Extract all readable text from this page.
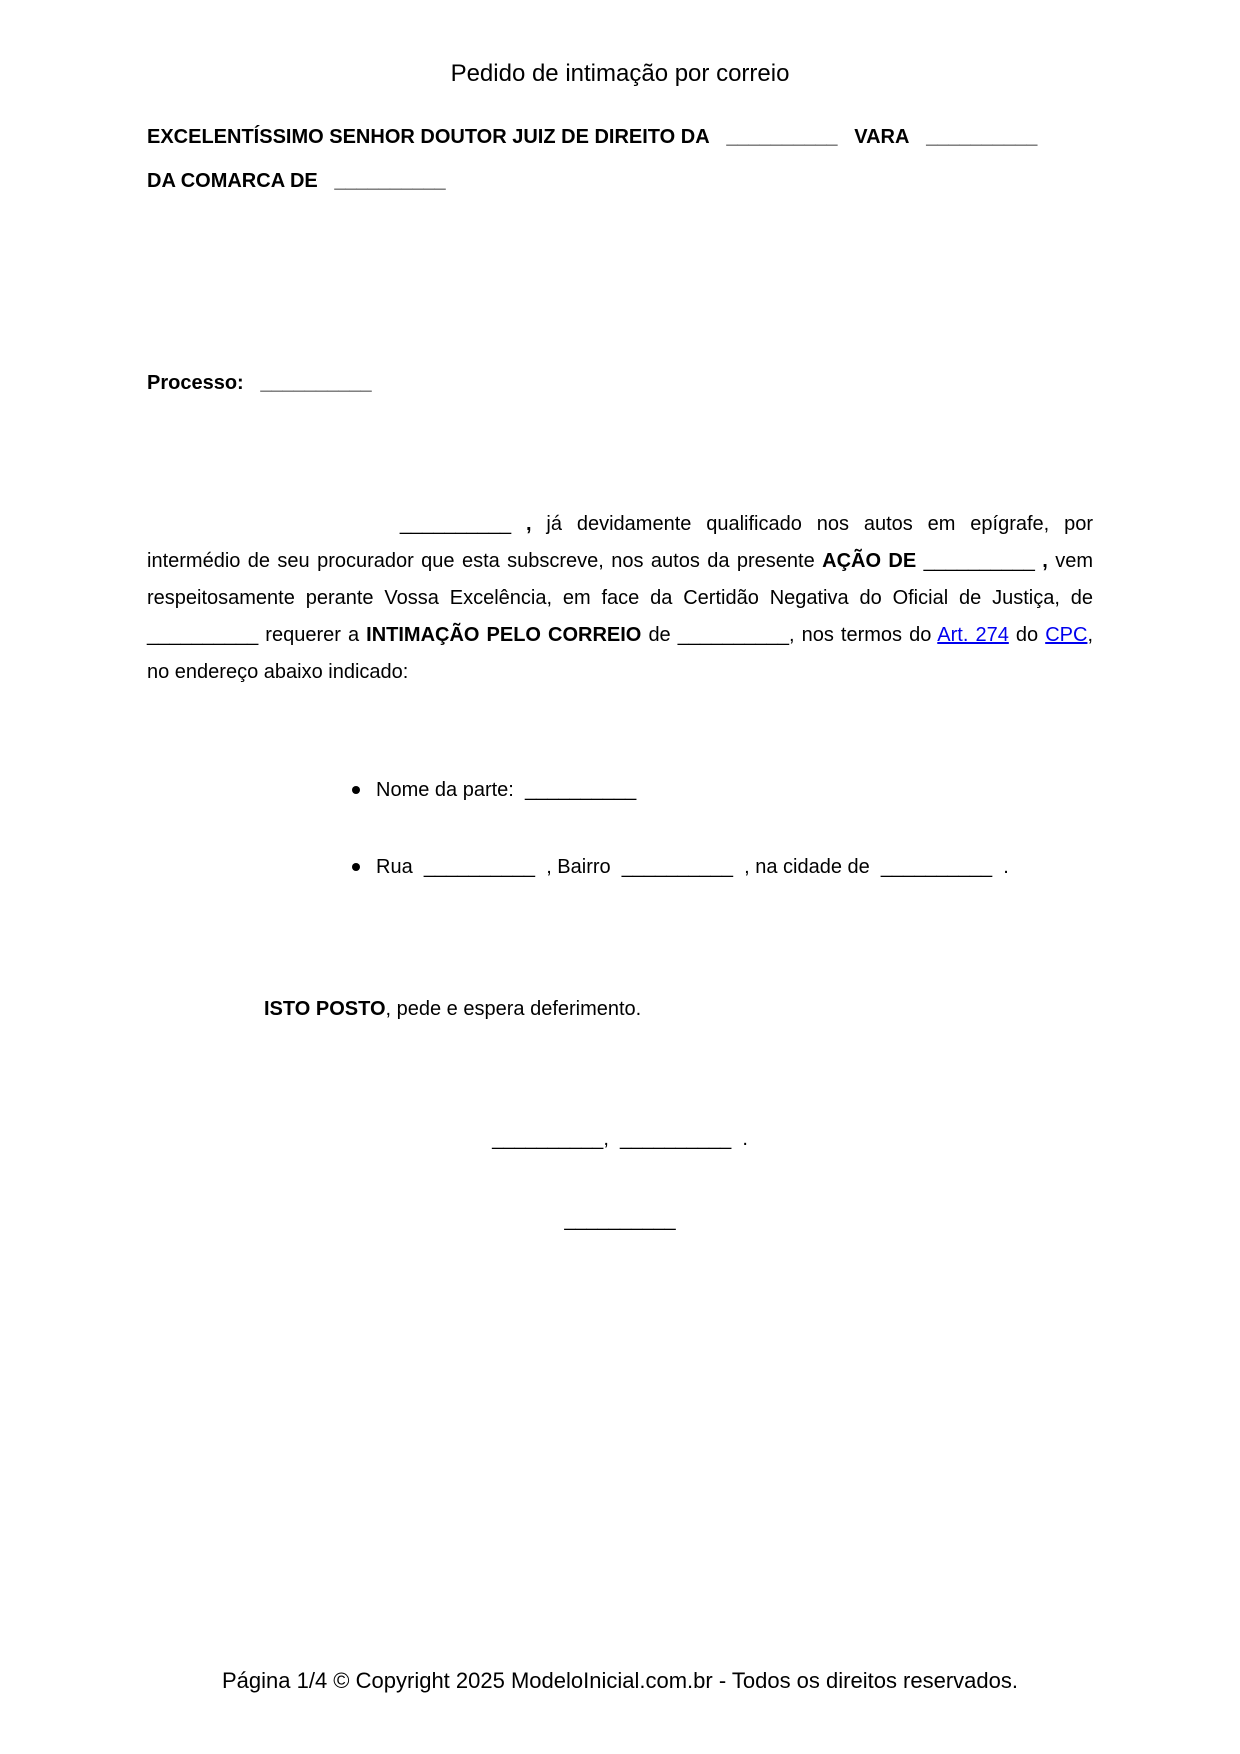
Pedido de intimação por correio
EXCELENTÍSSIMO SENHOR DOUTOR JUIZ DE DIREITO DA __________ VARA __________
DA COMARCA DE __________
Processo: __________
__________ , já devidamente qualificado nos autos em epígrafe, por intermédio de seu procurador que esta subscreve, nos autos da presente AÇÃO DE __________ , vem respeitosamente perante Vossa Excelência, em face da Certidão Negativa do Oficial de Justiça, de __________ requerer a INTIMAÇÃO PELO CORREIO de __________, nos termos do Art. 274 do CPC, no endereço abaixo indicado:
Nome da parte: __________
Rua __________ , Bairro __________ , na cidade de __________ .
ISTO POSTO, pede e espera deferimento.
__________, __________ .
__________
Página 1/4 © Copyright 2025 ModeloInicial.com.br - Todos os direitos reservados.
